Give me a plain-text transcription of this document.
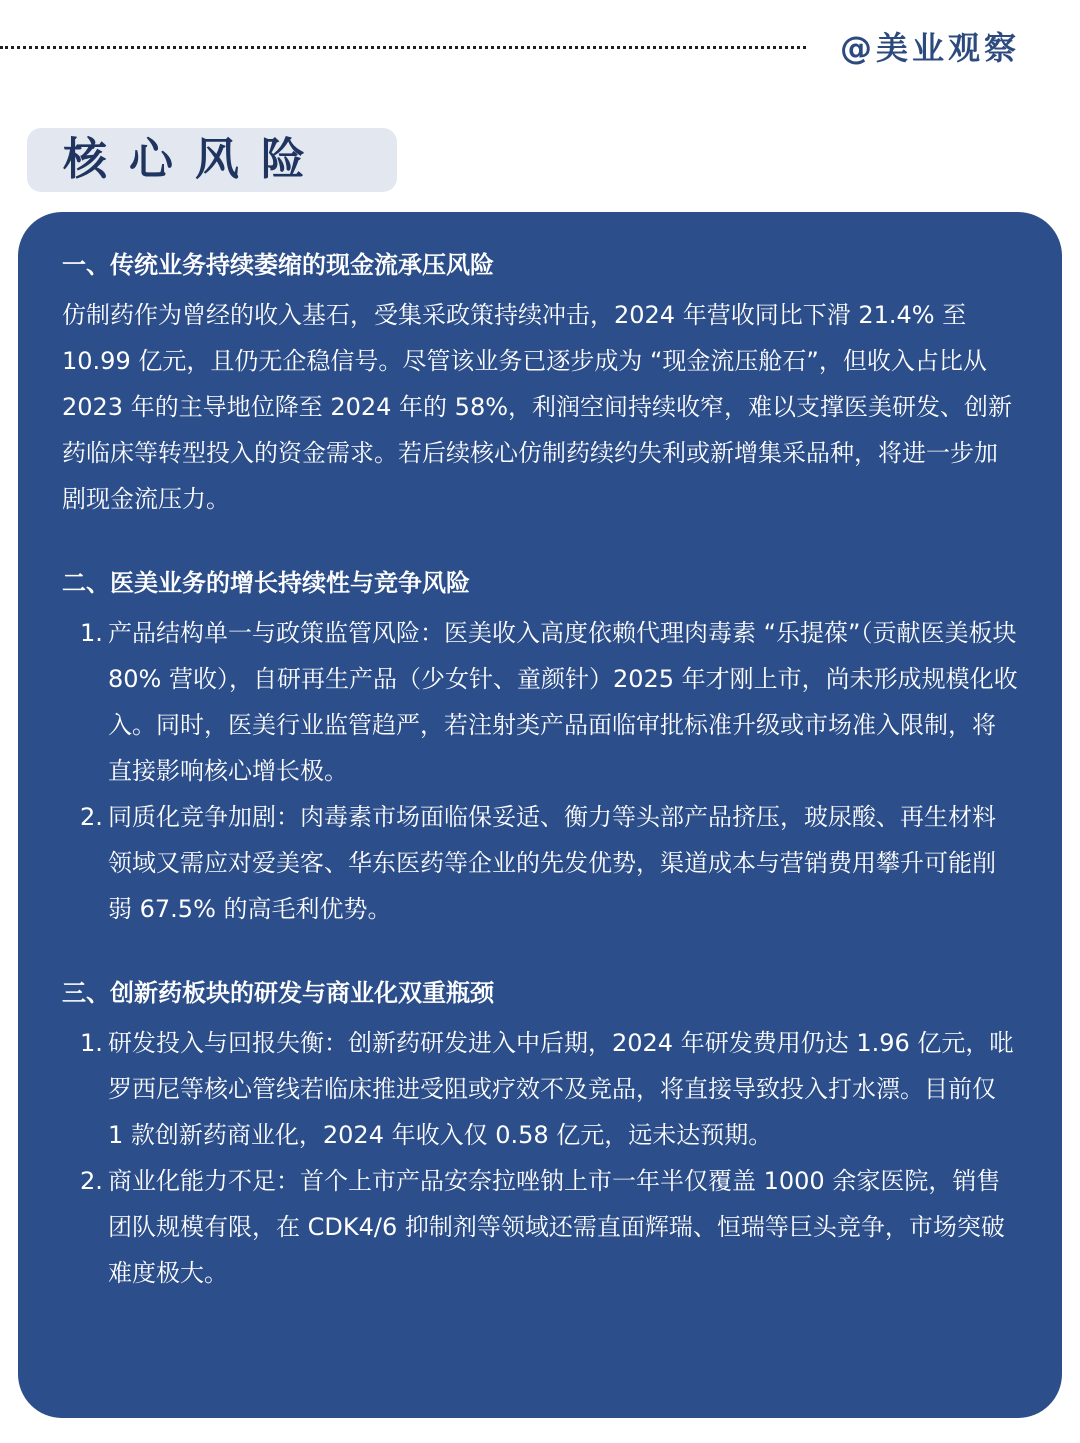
@美业观察
核心风险
一、传统业务持续萎缩的现金流承压风险

仿制药作为曾经的收入基石，受集采政策持续冲击，2024 年营收同比下滑 21.4% 至 10.99 亿元，且仍无企稳信号。尽管该业务已逐步成为 “现金流压舱石”，但收入占比从 2023 年的主导地位降至 2024 年的 58%，利润空间持续收窄，难以支撑医美研发、创新药临床等转型投入的资金需求。若后续核心仿制药续约失利或新增集采品种，将进一步加剧现金流压力。

二、医美业务的增长持续性与竞争风险
1. 产品结构单一与政策监管风险：医美收入高度依赖代理肉毒素 “乐提葆”（贡献医美板块 80% 营收），自研再生产品（少女针、童颜针）2025 年才刚上市，尚未形成规模化收入。同时，医美行业监管趋严，若注射类产品面临审批标准升级或市场准入限制，将直接影响核心增长极。
2. 同质化竞争加剧：肉毒素市场面临保妥适、衡力等头部产品挤压，玻尿酸、再生材料领域又需应对爱美客、华东医药等企业的先发优势，渠道成本与营销费用攀升可能削弱 67.5% 的高毛利优势。
三、创新药板块的研发与商业化双重瓶颈
1. 研发投入与回报失衡：创新药研发进入中后期，2024 年研发费用仍达 1.96 亿元，吡罗西尼等核心管线若临床推进受阻或疗效不及竞品，将直接导致投入打水漂。目前仅 1 款创新药商业化，2024 年收入仅 0.58 亿元，远未达预期。
2. 商业化能力不足：首个上市产品安奈拉唑钠上市一年半仅覆盖 1000 余家医院，销售团队规模有限，在 CDK4/6 抑制剂等领域还需直面辉瑞、恒瑞等巨头竞争，市场突破难度极大。
